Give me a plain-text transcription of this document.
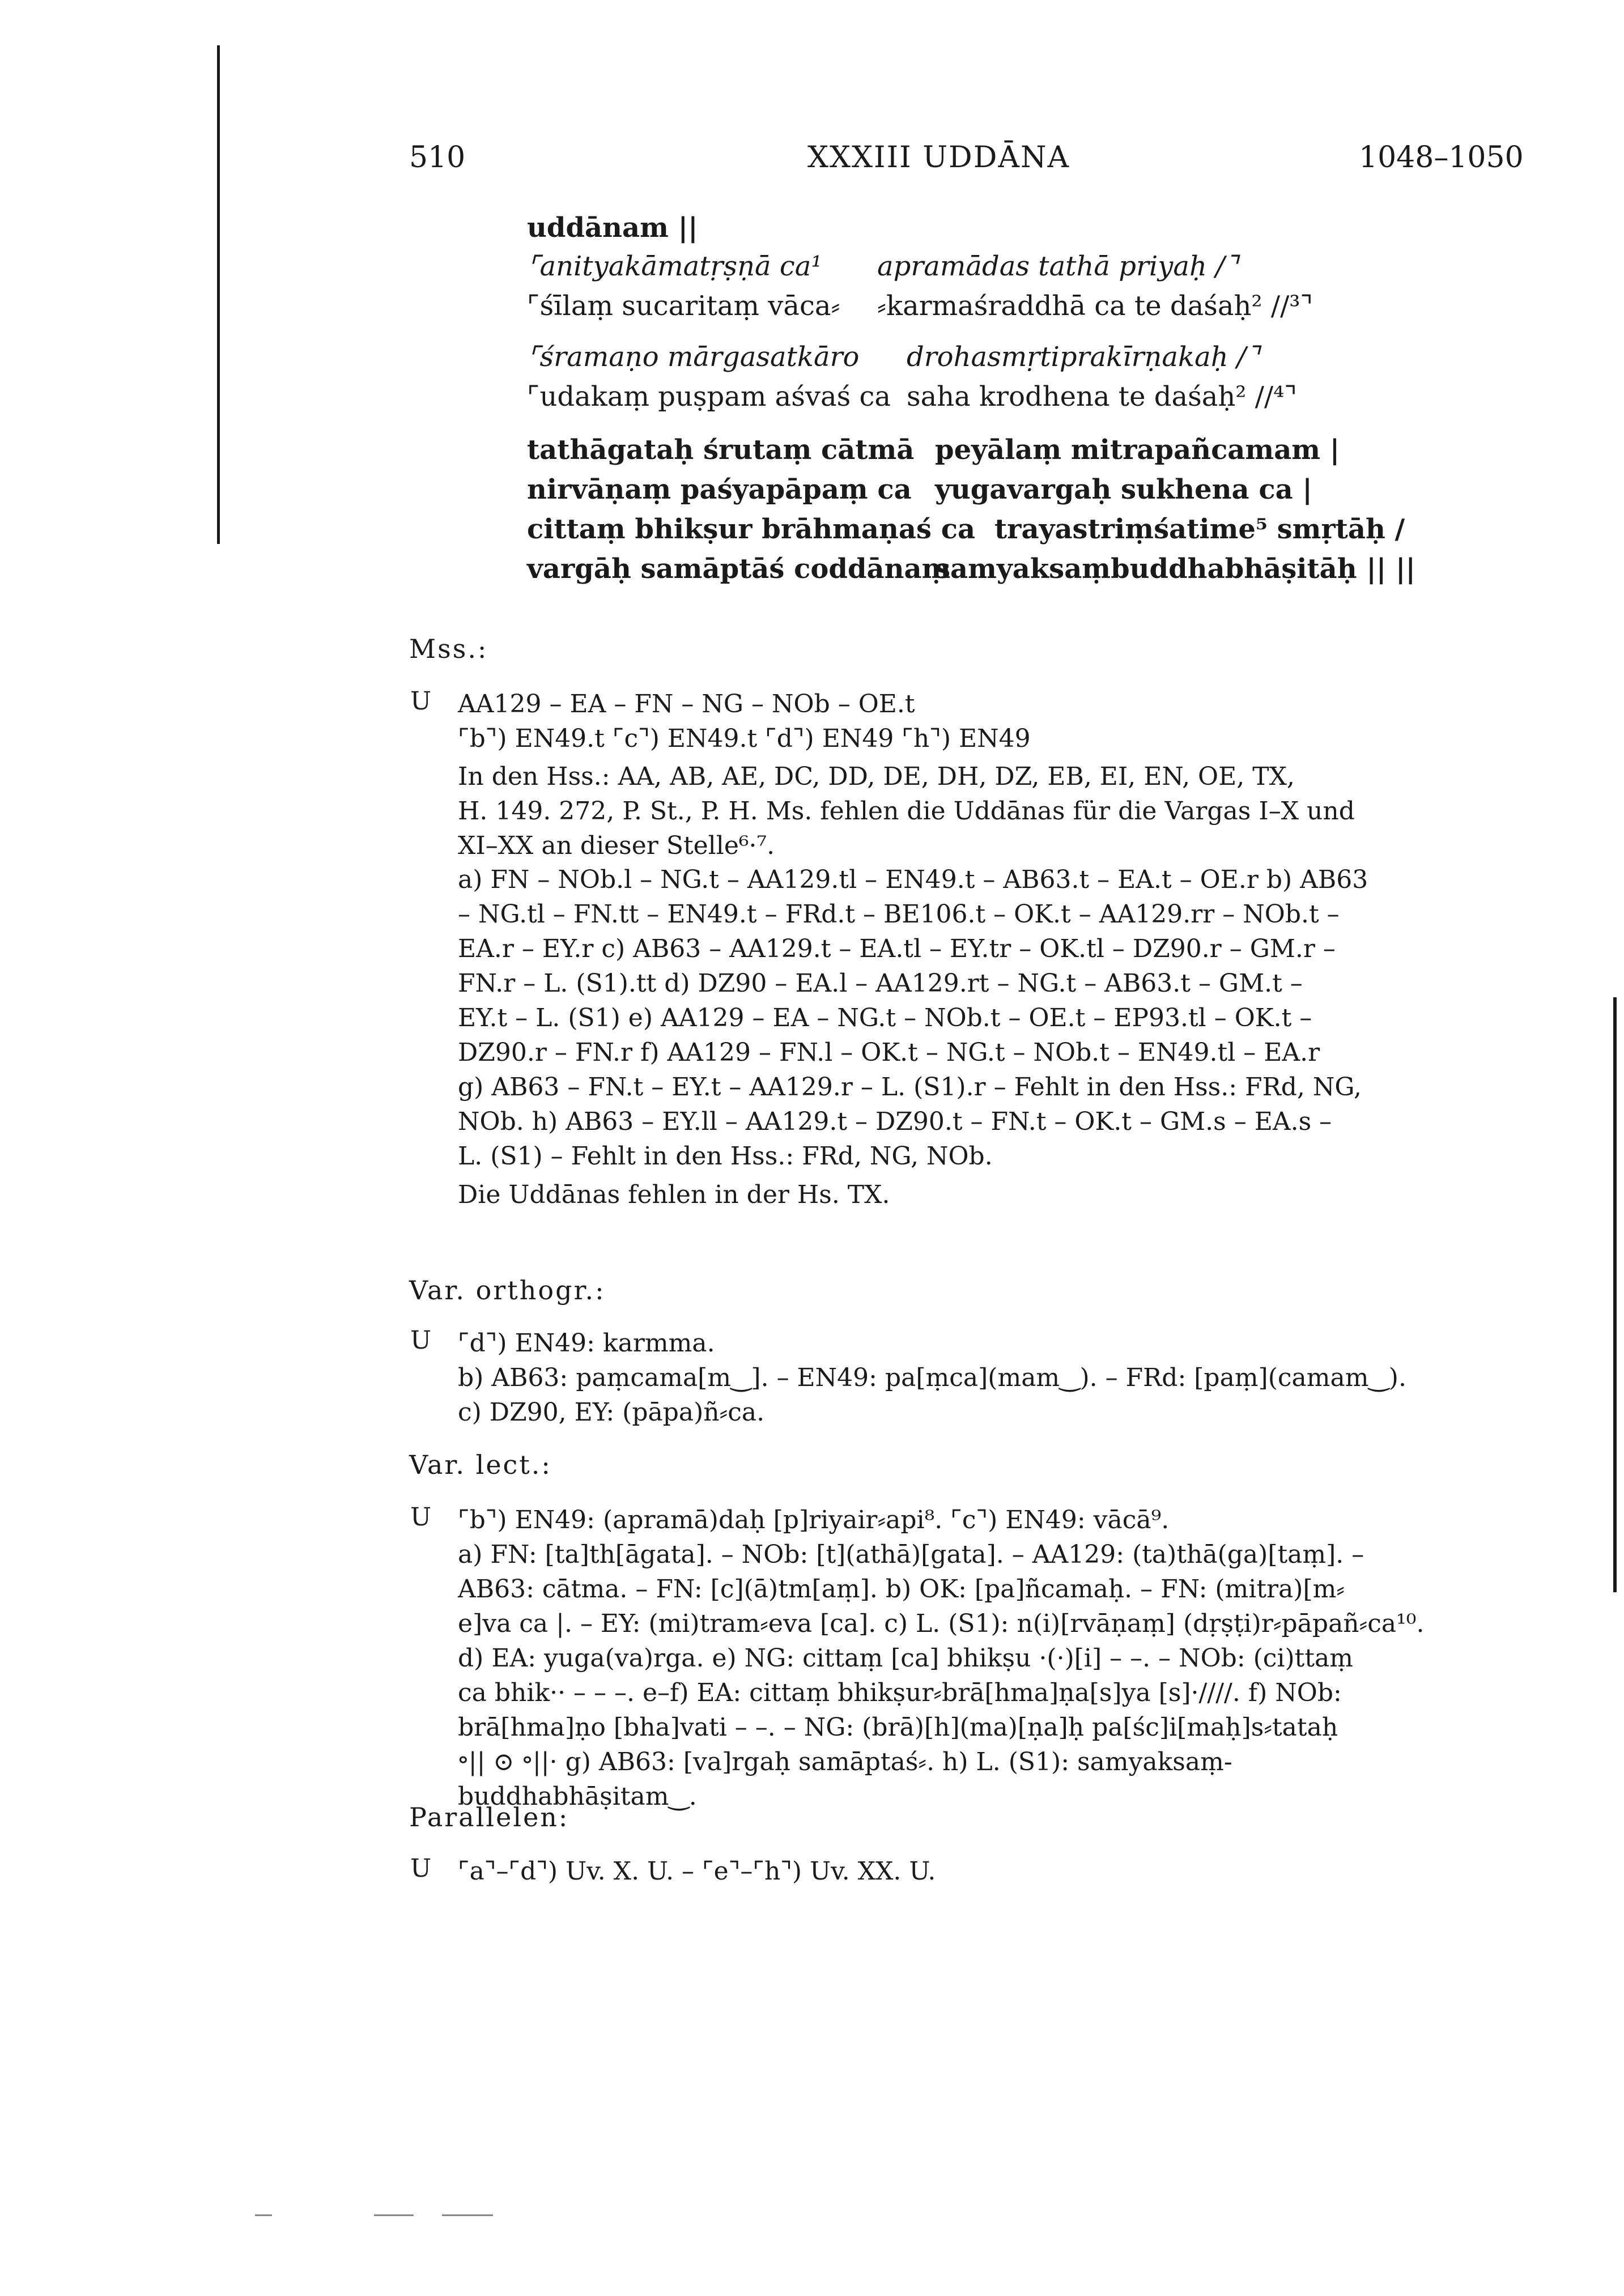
510	XXXIII UDDĀNA	1048–1050
uddānam ||
⌜anityakāmatṛṣṇā ca¹ apramādas tathā priyaḥ /⌝
⌜śīlaṃ sucaritaṃ vāca⸗ ⸗karmaśraddhā ca te daśaḥ² //³⌝
⌜śramaṇo mārgasatkāro drohasmṛtiprakīrṇakaḥ /⌝
⌜udakaṃ puṣpam aśvaś ca saha krodhena te daśaḥ² //⁴⌝
tathāgataḥ śrutaṃ cātmā peyālaṃ mitrapañcamam |
nirvāṇaṃ paśyapāpaṃ ca yugavargaḥ sukhena ca |
cittaṃ bhikṣur brāhmaṇaś ca trayastriṃśatime⁵ smṛtāḥ /
vargāḥ samāptāś coddānaṃ
samyaksaṃbuddhabhāṣitāḥ || ||
Mss.:
U AA129 – EA – FN – NG – NOb – OE.t
⌜b⌝) EN49.t ⌜c⌝) EN49.t ⌜d⌝) EN49 ⌜h⌝) EN49
In den Hss.: AA, AB, AE, DC, DD, DE, DH, DZ, EB, EI, EN, OE, TX,
H. 149. 272, P. St., P. H. Ms. fehlen die Uddānas für die Vargas I–X und
XI–XX an dieser Stelle⁶·⁷.
a) FN – NOb.l – NG.t – AA129.tl – EN49.t – AB63.t – EA.t – OE.r b) AB63
– NG.tl – FN.tt – EN49.t – FRd.t – BE106.t – OK.t – AA129.rr – NOb.t –
EA.r – EY.r c) AB63 – AA129.t – EA.tl – EY.tr – OK.tl – DZ90.r – GM.r –
FN.r – L. (S1).tt d) DZ90 – EA.l – AA129.rt – NG.t – AB63.t – GM.t –
EY.t – L. (S1) e) AA129 – EA – NG.t – NOb.t – OE.t – EP93.tl – OK.t –
DZ90.r – FN.r f) AA129 – FN.l – OK.t – NG.t – NOb.t – EN49.tl – EA.r
g) AB63 – FN.t – EY.t – AA129.r – L. (S1).r – Fehlt in den Hss.: FRd, NG,
NOb. h) AB63 – EY.ll – AA129.t – DZ90.t – FN.t – OK.t – GM.s – EA.s –
L. (S1) – Fehlt in den Hss.: FRd, NG, NOb.
Die Uddānas fehlen in der Hs. TX.
Var. orthogr.:
U ⌜d⌝) EN49: karmma.
b) AB63: paṃcama[m‿]. – EN49: pa[ṃca](mam‿). – FRd: [paṃ](camam‿).
c) DZ90, EY: (pāpa)ñ⸗ca.
Var. lect.:
U ⌜b⌝) EN49: (apramā)daḥ [p]riyair⸗api⁸. ⌜c⌝) EN49: vācā⁹.
a) FN: [ta]th[āgata]. – NOb: [t](athā)[gata]. – AA129: (ta)thā(ga)[taṃ]. –
AB63: cātma. – FN: [c](ā)tm[aṃ]. b) OK: [pa]ñcamaḥ. – FN: (mitra)[m⸗
e]va ca |. – EY: (mi)tram⸗eva [ca]. c) L. (S1): n(i)[rvāṇaṃ] (dṛṣṭi)r⸗pāpañ⸗ca¹⁰.
d) EA: yuga(va)rga. e) NG: cittaṃ [ca] bhikṣu ·(·)[i] – –. – NOb: (ci)ttaṃ
ca bhik·· – – –. e–f) EA: cittaṃ bhikṣur⸗brā[hma]ṇa[s]ya [s]·////. f) NOb:
brā[hma]ṇo [bha]vati – –. – NG: (brā)[h](ma)[ṇa]ḥ pa[śc]i[maḥ]s⸗tataḥ
॰|| ⊙ ॰||· g) AB63: [va]rgaḥ samāptaś⸗. h) L. (S1): samyaksaṃ-
buddhabhāṣitam‿.
Parallelen:
U ⌜a⌝–⌜d⌝) Uv. X. U. – ⌜e⌝–⌜h⌝) Uv. XX. U.
